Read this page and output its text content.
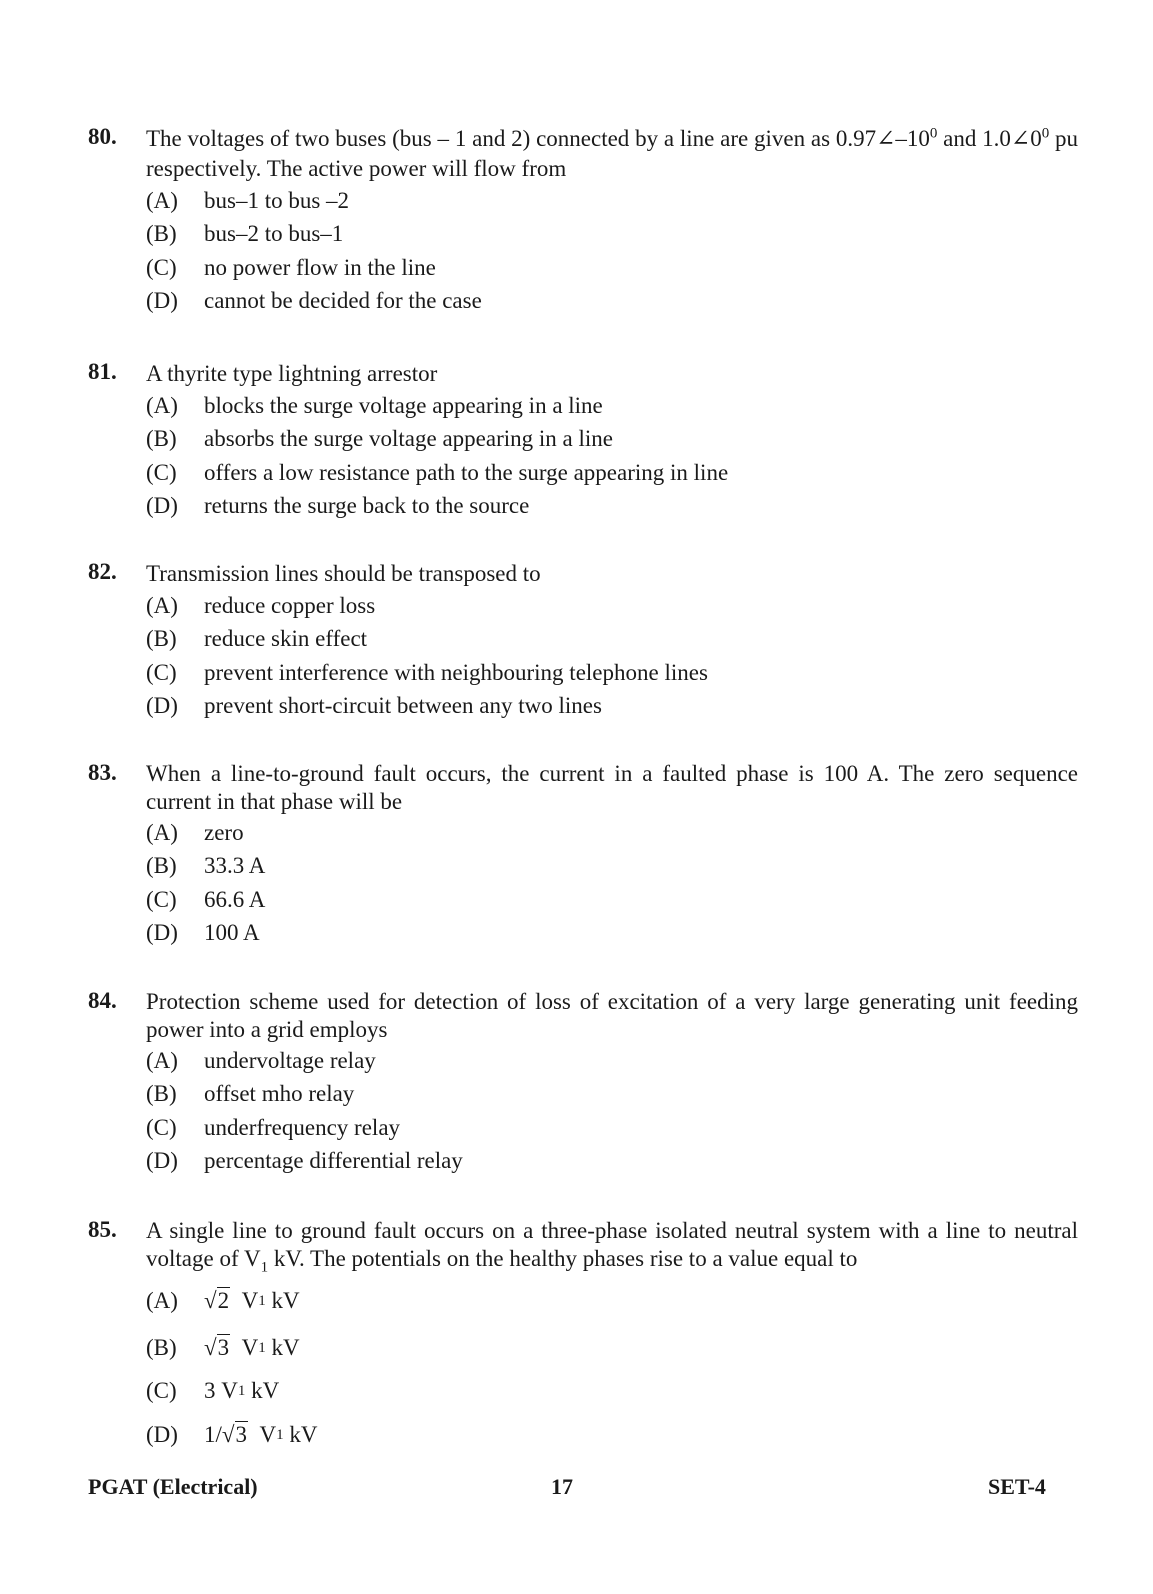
80. The voltages of two buses (bus – 1 and 2) connected by a line are given as $0.97\angle-10^0$ and $1.0\angle 0^0$ pu respectively. The active power will flow from
(A)	bus–1 to bus –2
(B)	bus–2 to bus–1
(C)	no power flow in the line
(D)	cannot be decided for the case
81. A thyrite type lightning arrestor
(A)	blocks the surge voltage appearing in a line
(B)	absorbs the surge voltage appearing in a line
(C)	offers a low resistance path to the surge appearing in line
(D)	returns the surge back to the source
82. Transmission lines should be transposed to
(A)	reduce copper loss
(B)	reduce skin effect
(C)	prevent interference with neighbouring telephone lines
(D)	prevent short-circuit between any two lines
83. When a line-to-ground fault occurs, the current in a faulted phase is 100 A. The zero sequence current in that phase will be
(A)	zero
(B)	33.3 A
(C)	66.6 A
(D)	100 A
84. Protection scheme used for detection of loss of excitation of a very large generating unit feeding power into a grid employs
(A)	undervoltage relay
(B)	offset mho relay
(C)	underfrequency relay
(D)	percentage differential relay
85. A single line to ground fault occurs on a three-phase isolated neutral system with a line to neutral voltage of $V_1$ kV. The potentials on the healthy phases rise to a value equal to
(A)	√2
V 1
kV
(B)	√3
V 1
kV
(C)	3
V 1
kV
(D)	1/ √3
V 1
kV
PGAT (Electrical)	17	SET-4
